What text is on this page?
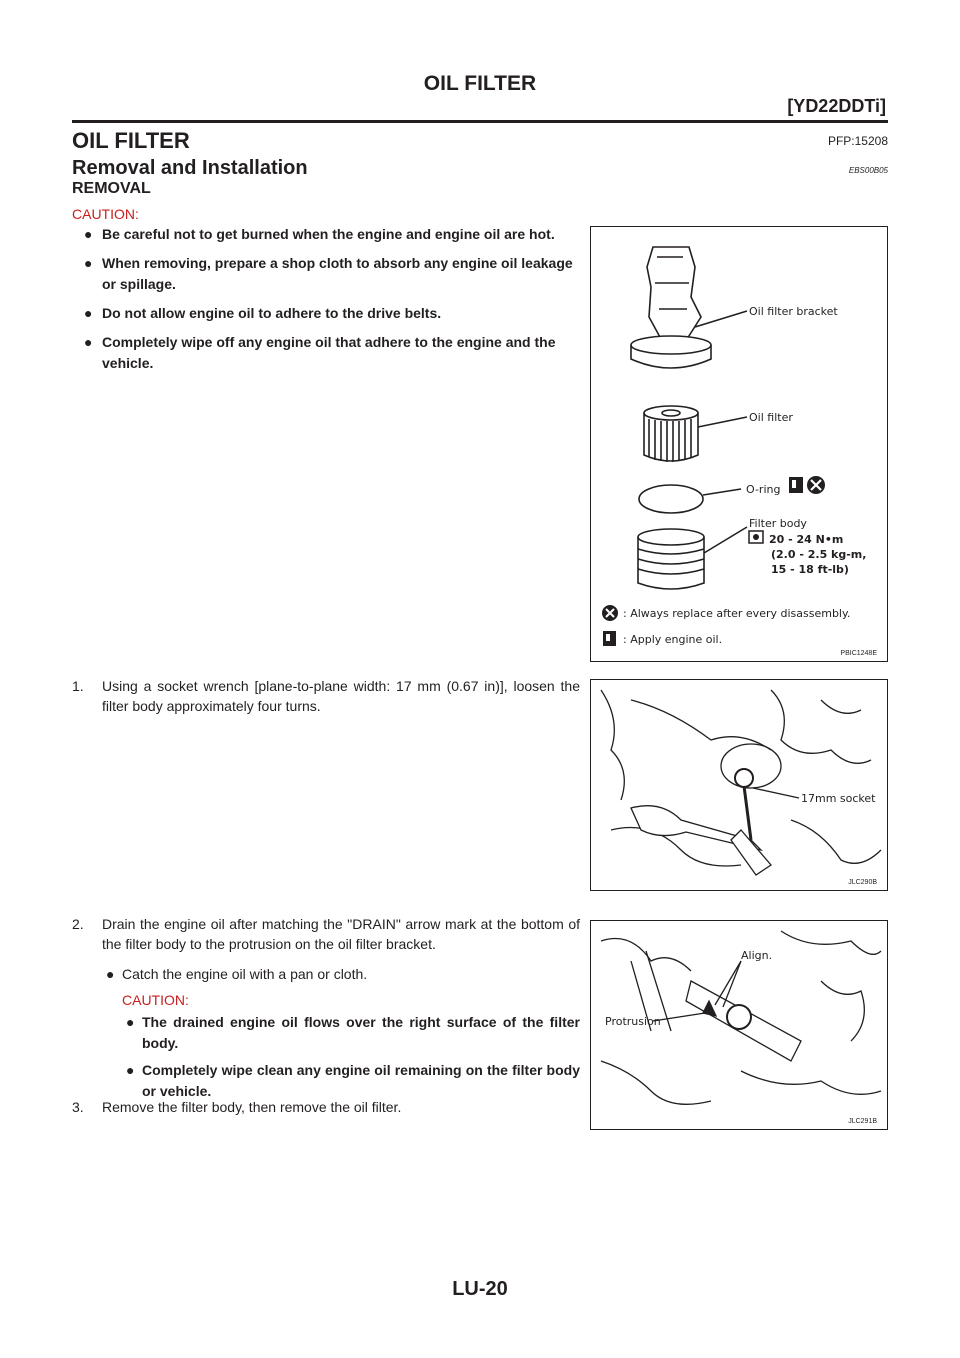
OIL FILTER
[YD22DDTi]
OIL FILTER	PFP:15208
Removal and Installation	EBS00B05
REMOVAL
CAUTION:
● Be careful not to get burned when the engine and engine oil are hot.
● When removing, prepare a shop cloth to absorb any engine oil leakage or spillage.
● Do not allow engine oil to adhere to the drive belts.
● Completely wipe off any engine oil that adhere to the engine and the vehicle.
Oil filter bracket
Oil filter
O-ring
Filter body
20 - 24 N•m
(2.0 - 2.5 kg-m,
15 - 18 ft-lb)
: Always replace after every disassembly.
: Apply engine oil.
PBIC1248E
1. Using a socket wrench [plane-to-plane width: 17 mm (0.67 in)], loosen the filter body approximately four turns.
17mm socket
JLC290B
2. Drain the engine oil after matching the "DRAIN" arrow mark at the bottom of the filter body to the protrusion on the oil filter bracket.
● Catch the engine oil with a pan or cloth.
CAUTION:
● The drained engine oil flows over the right surface of the filter body.
● Completely wipe clean any engine oil remaining on the filter body or vehicle.
Align.
Protrusion
JLC291B
3. Remove the filter body, then remove the oil filter.
LU-20
